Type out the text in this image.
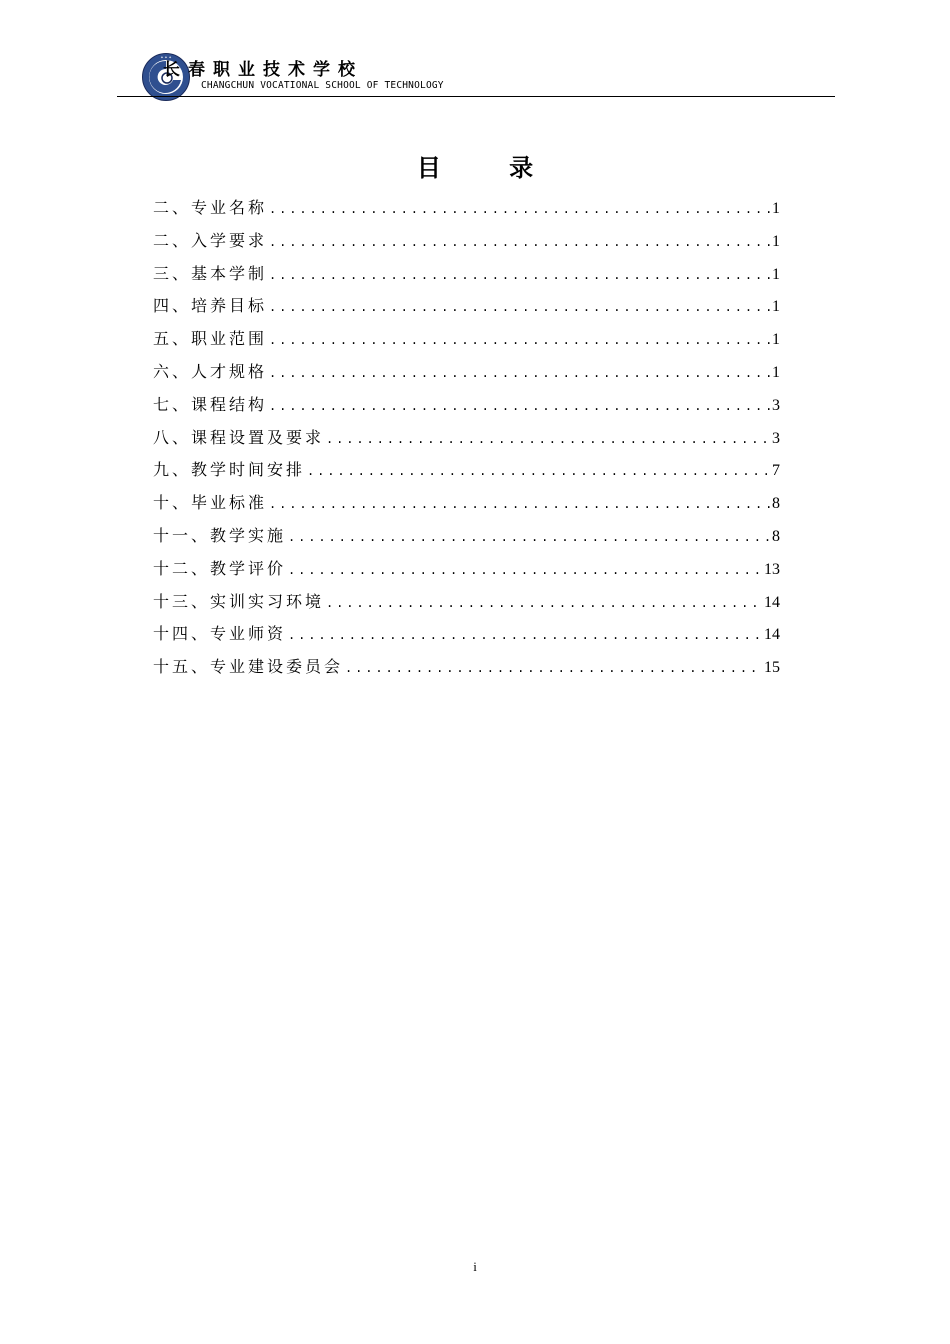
✦ ✦ ✦
长春职业技术学校
CHANGCHUN VOCATIONAL SCHOOL OF TECHNOLOGY
目 录
二、专业名称 .....	1
二、入学要求 .....	1
三、基本学制 .....	1
四、培养目标 .....	1
五、职业范围 .....	1
六、人才规格 .....	1
七、课程结构 .....	3
八、课程设置及要求 .....	3
九、教学时间安排 .....	7
十、毕业标准 .....	8
十一、教学实施 .....	8
十二、教学评价 .....	13
十三、实训实习环境 .....	14
十四、专业师资 .....	14
十五、专业建设委员会 .....	15
i
